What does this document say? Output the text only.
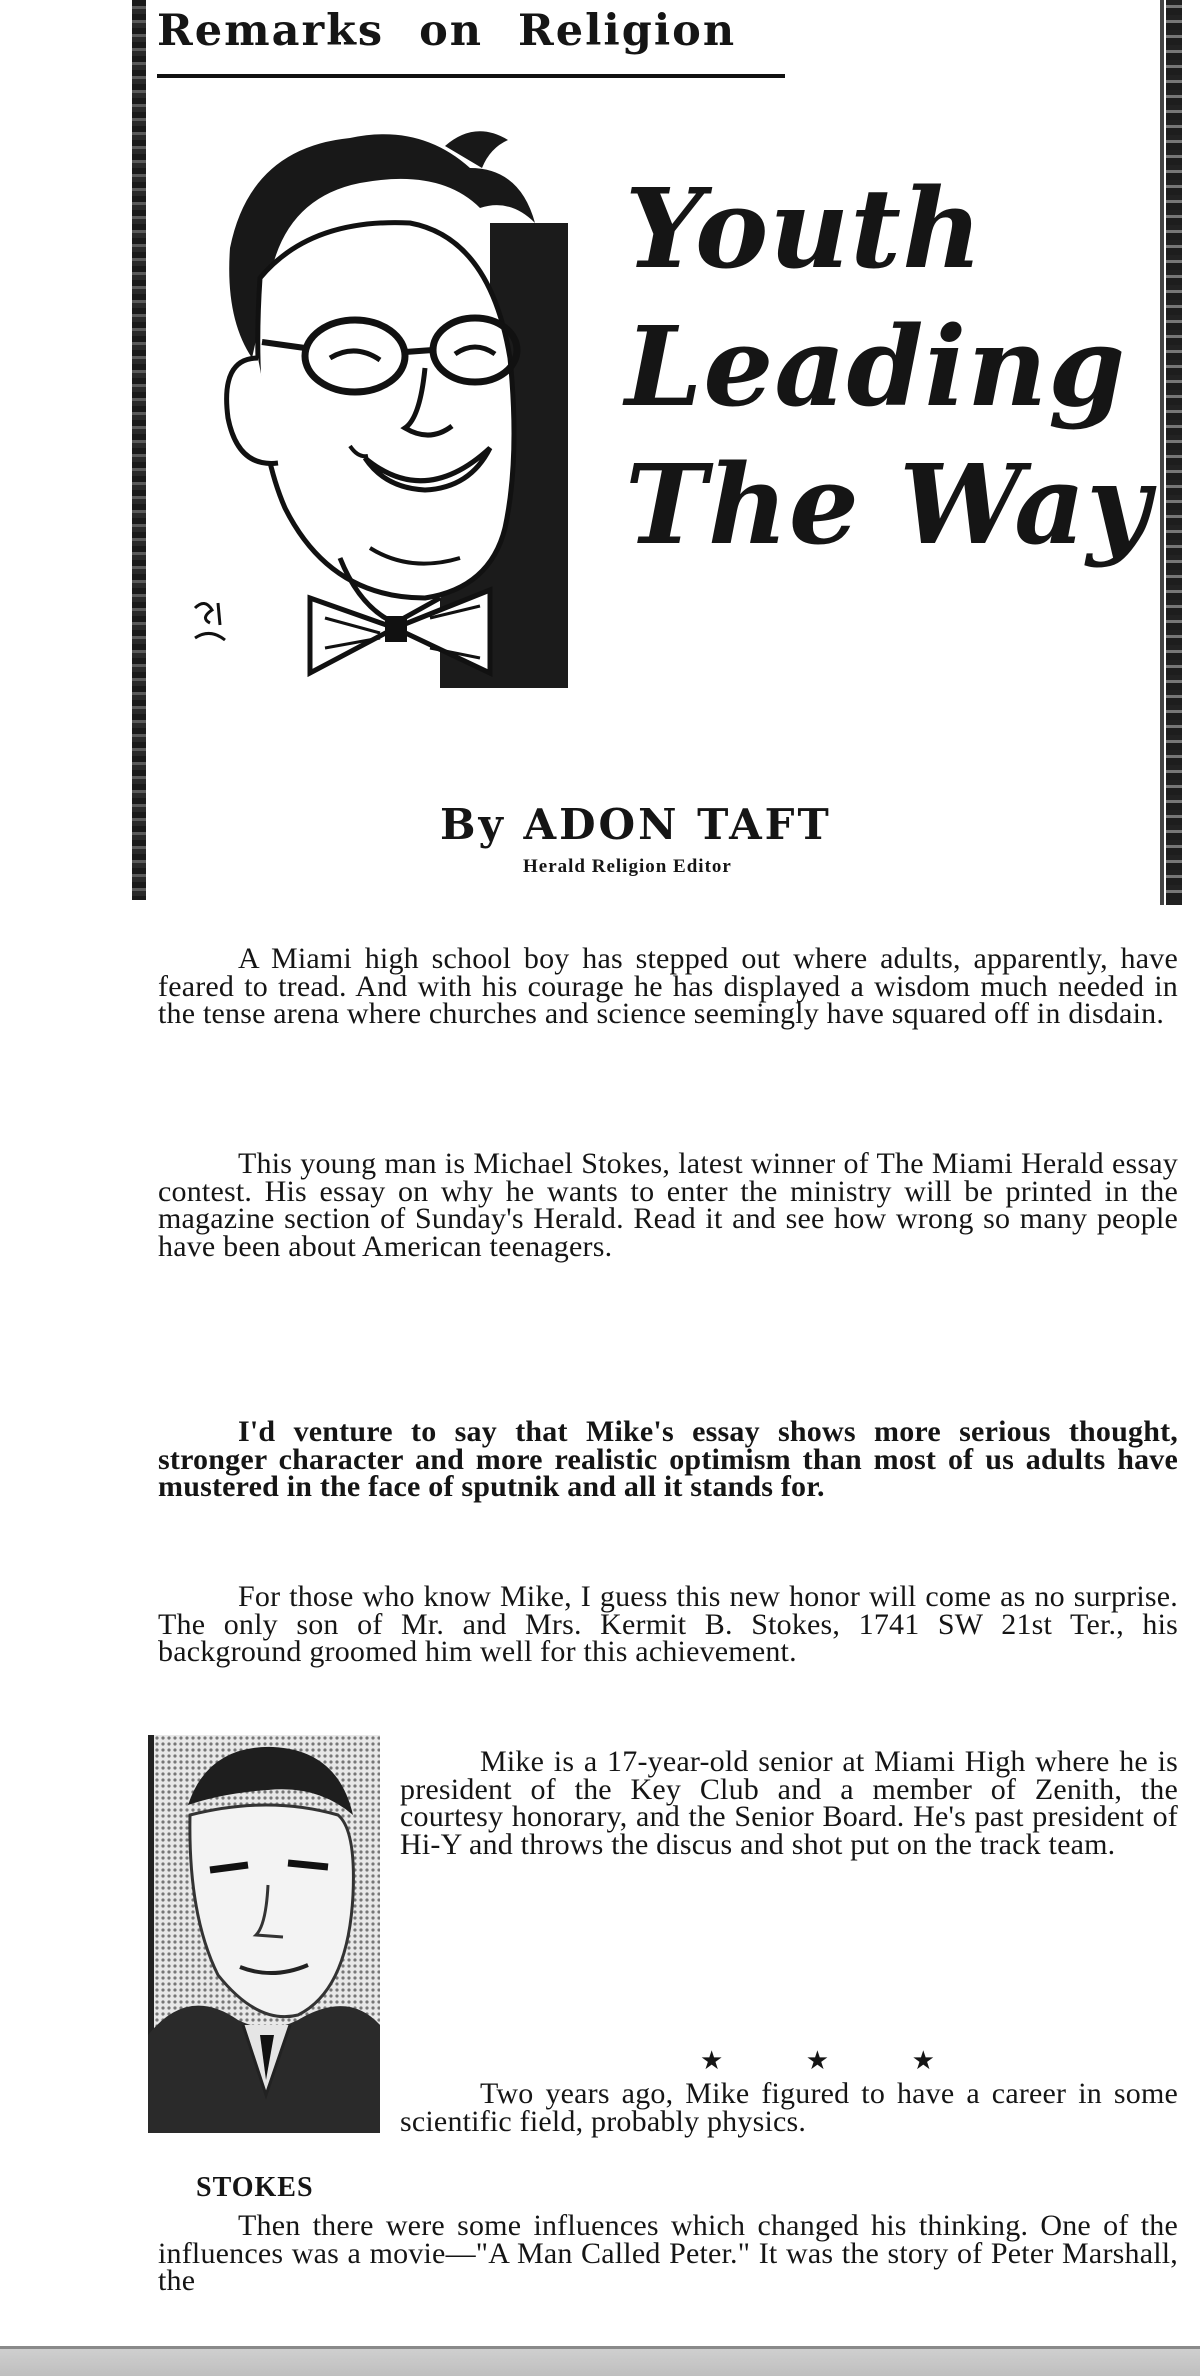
Remarks on Religion
Youth
Leading
The Way
By ADON TAFT
Herald Religion Editor
A Miami high school boy has stepped out where adults, apparently, have feared to tread. And with his courage he has displayed a wisdom much needed in the tense arena where churches and science seemingly have squared off in disdain.
This young man is Michael Stokes, latest winner of The Miami Herald essay contest. His essay on why he wants to enter the ministry will be printed in the magazine section of Sunday's Herald. Read it and see how wrong so many people have been about American teenagers.
I'd venture to say that Mike's essay shows more serious thought, stronger character and more realistic optimism than most of us adults have mustered in the face of sputnik and all it stands for.
For those who know Mike, I guess this new honor will come as no surprise. The only son of Mr. and Mrs. Kermit B. Stokes, 1741 SW 21st Ter., his background groomed him well for this achievement.
Mike is a 17-year-old senior at Miami High where he is president of the Key Club and a member of Zenith, the courtesy honorary, and the Senior Board. He's past president of Hi-Y and throws the discus and shot put on the track team.
★ ★ ★
Two years ago, Mike figured to have a career in some scientific field, probably physics.
Then there were some influences which changed his thinking. One of the influences was a movie—"A Man Called Peter." It was the story of Peter Marshall, the
STOKES
